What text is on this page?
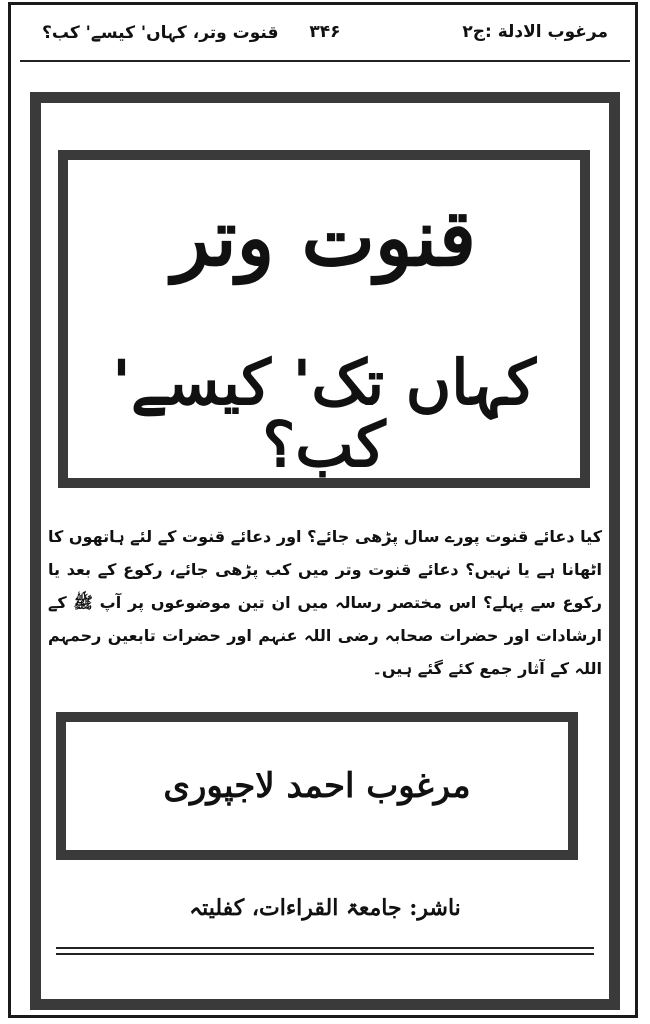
مرغوب الادلة :ج۲
۳۴۶
قنوت وتر، کہاں' کیسے' کب؟
قنوت وتر
کہاں تک' کیسے' کب؟
کیا دعائے قنوت پورے سال پڑھی جائے؟ اور دعائے قنوت کے لئے ہاتھوں کا اٹھانا ہے یا نہیں؟ دعائے قنوت وتر میں کب پڑھی جائے، رکوع کے بعد یا رکوع سے پہلے؟ اس مختصر رسالہ میں ان تین موضوعوں پر آپ ﷺ کے ارشادات اور حضرات صحابہ رضی اللہ عنہم اور حضرات تابعین رحمہم اللہ کے آثار جمع کئے گئے ہیں۔
مرغوب احمد لاجپوری
ناشر: جامعۃ القراءات، کفلیتہ
